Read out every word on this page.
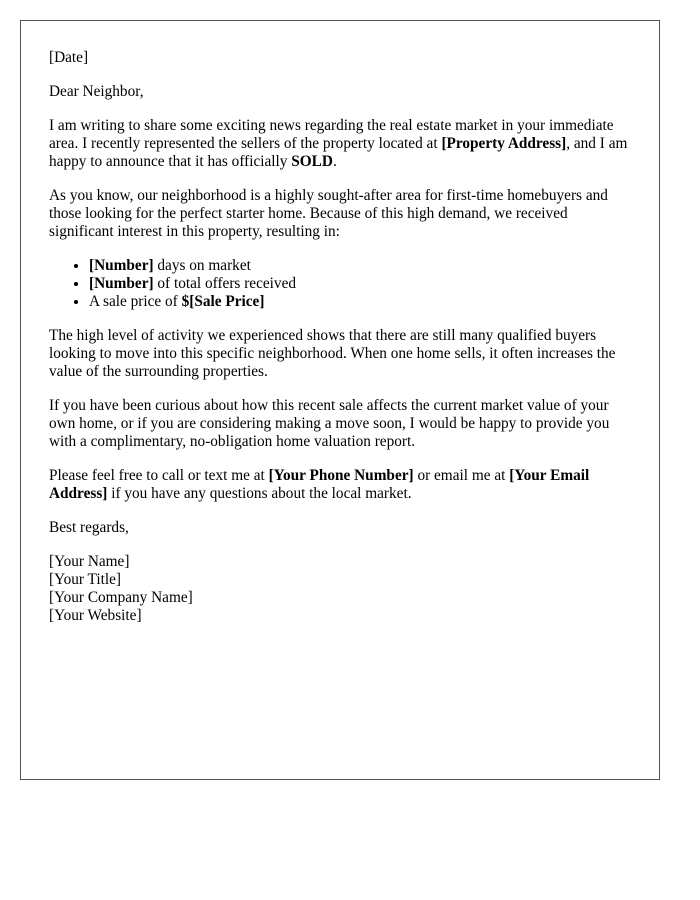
[Date]

Dear Neighbor,

I am writing to share some exciting news regarding the real estate market in your immediate area. I recently represented the sellers of the property located at [Property Address], and I am happy to announce that it has officially SOLD.

As you know, our neighborhood is a highly sought-after area for first-time homebuyers and those looking for the perfect starter home. Because of this high demand, we received significant interest in this property, resulting in:

• [Number] days on market
• [Number] of total offers received
• A sale price of $[Sale Price]

The high level of activity we experienced shows that there are still many qualified buyers looking to move into this specific neighborhood. When one home sells, it often increases the value of the surrounding properties.

If you have been curious about how this recent sale affects the current market value of your own home, or if you are considering making a move soon, I would be happy to provide you with a complimentary, no-obligation home valuation report.

Please feel free to call or text me at [Your Phone Number] or email me at [Your Email Address] if you have any questions about the local market.

Best regards,

[Your Name]
[Your Title]
[Your Company Name]
[Your Website]
